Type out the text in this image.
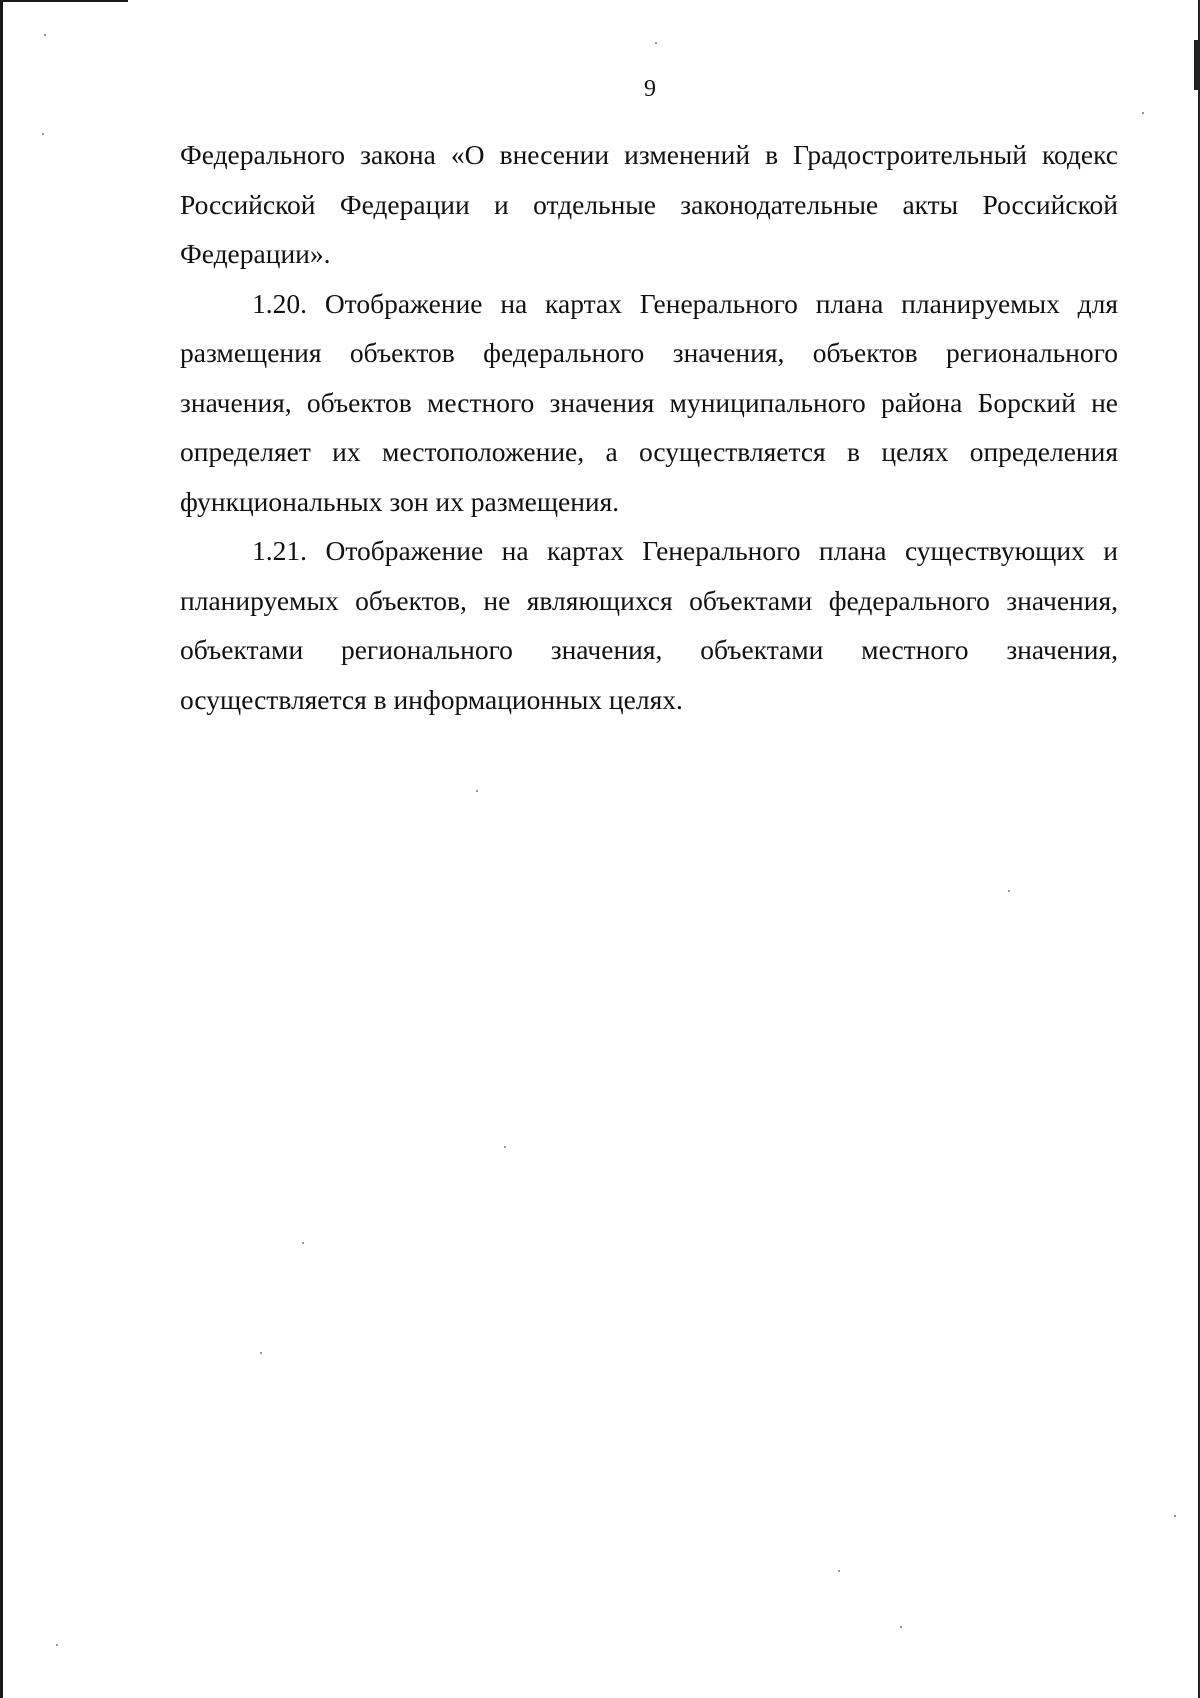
9

Федерального закона «О внесении изменений в Градостроительный кодекс Российской Федерации и отдельные законодательные акты Российской Федерации».

1.20. Отображение на картах Генерального плана планируемых для размещения объектов федерального значения, объектов регионального значения, объектов местного значения муниципального района Борский не определяет их местоположение, а осуществляется в целях определения функциональных зон их размещения.

1.21. Отображение на картах Генерального плана существующих и планируемых объектов, не являющихся объектами федерального значения, объектами регионального значения, объектами местного значения, осуществляется в информационных целях.
